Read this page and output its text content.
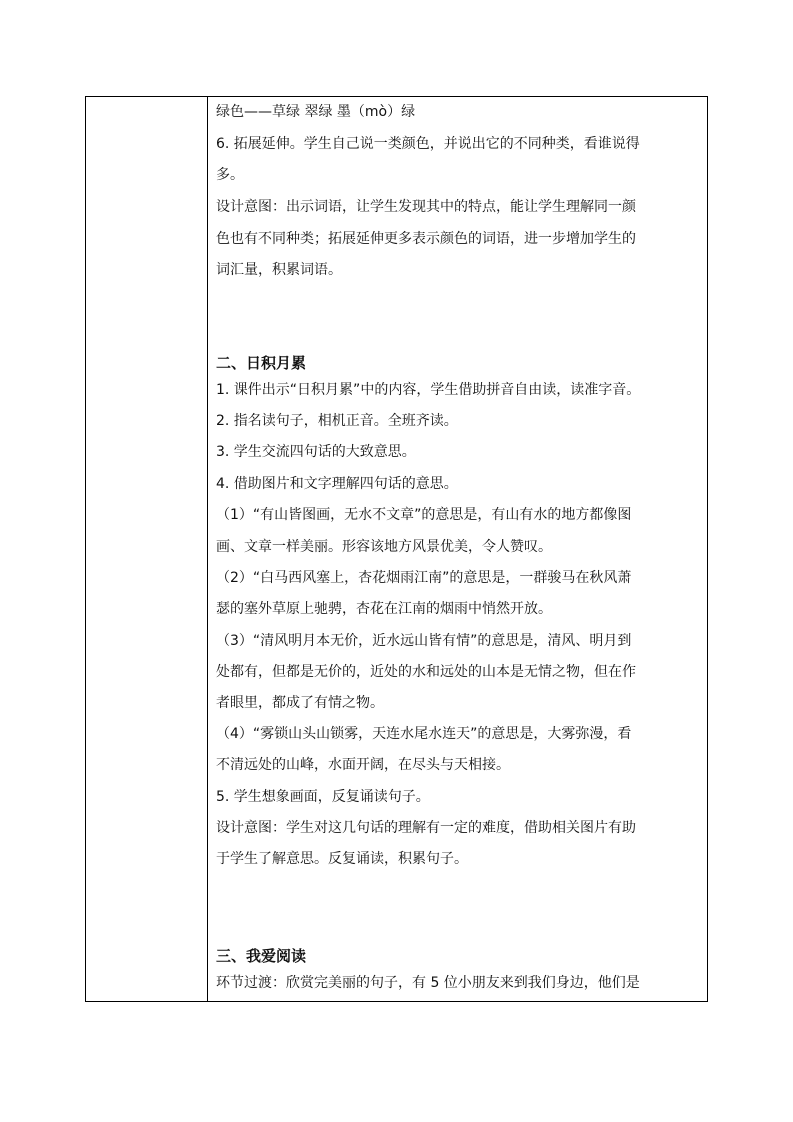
绿色——草绿 翠绿 墨（mò）绿
6. 拓展延伸。学生自己说一类颜色，并说出它的不同种类，看谁说得
多。
设计意图：出示词语，让学生发现其中的特点，能让学生理解同一颜
色也有不同种类；拓展延伸更多表示颜色的词语，进一步增加学生的
词汇量，积累词语。
二、日积月累
1. 课件出示“日积月累”中的内容，学生借助拼音自由读，读准字音。
2. 指名读句子，相机正音。全班齐读。
3. 学生交流四句话的大致意思。
4. 借助图片和文字理解四句话的意思。
（1）“有山皆图画，无水不文章”的意思是，有山有水的地方都像图
画、文章一样美丽。形容该地方风景优美，令人赞叹。
（2）“白马西风塞上，杏花烟雨江南”的意思是，一群骏马在秋风萧
瑟的塞外草原上驰骋，杏花在江南的烟雨中悄然开放。
（3）“清风明月本无价，近水远山皆有情”的意思是，清风、明月到
处都有，但都是无价的，近处的水和远处的山本是无情之物，但在作
者眼里，都成了有情之物。
（4）“雾锁山头山锁雾，天连水尾水连天”的意思是，大雾弥漫，看
不清远处的山峰，水面开阔，在尽头与天相接。
5. 学生想象画面，反复诵读句子。
设计意图：学生对这几句话的理解有一定的难度，借助相关图片有助
于学生了解意思。反复诵读，积累句子。
三、我爱阅读
环节过渡：欣赏完美丽的句子，有 5 位小朋友来到我们身边，他们是
